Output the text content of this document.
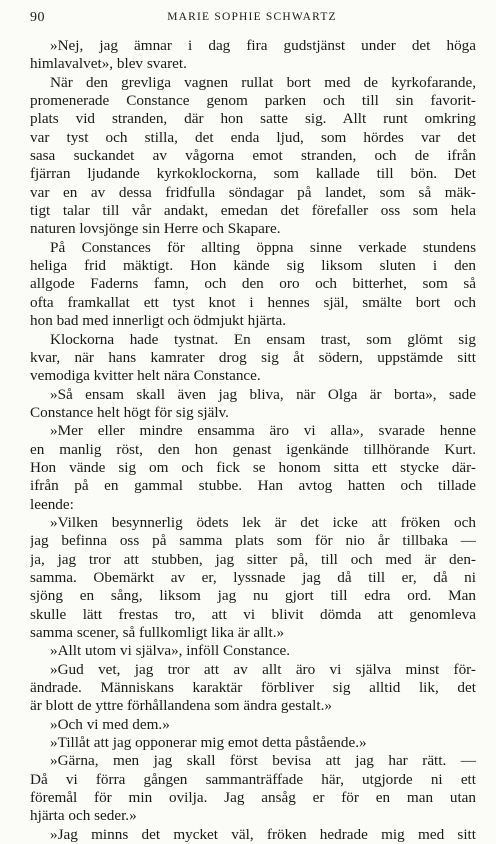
90	MARIE SOPHIE SCHWARTZ
»Nej, jag ämnar i dag fira gudstjänst under det höga
himlavalvet», blev svaret.
När den grevliga vagnen rullat bort med de kyrkofarande,
promenerade Constance genom parken och till sin favorit-
plats vid stranden, där hon satte sig. Allt runt omkring
var tyst och stilla, det enda ljud, som hördes var det
sasa suckandet av vågorna emot stranden, och de ifrån
fjärran ljudande kyrkoklockorna, som kallade till bön. Det
var en av dessa fridfulla söndagar på landet, som så mäk-
tigt talar till vår andakt, emedan det förefaller oss som hela
naturen lovsjönge sin Herre och Skapare.
På Constances för allting öppna sinne verkade stundens
heliga frid mäktigt. Hon kände sig liksom sluten i den
allgode Faderns famn, och den oro och bitterhet, som så
ofta framkallat ett tyst knot i hennes själ, smälte bort och
hon bad med innerligt och ödmjukt hjärta.
Klockorna hade tystnat. En ensam trast, som glömt sig
kvar, när hans kamrater drog sig åt södern, uppstämde sitt
vemodiga kvitter helt nära Constance.
»Så ensam skall även jag bliva, när Olga är borta», sade
Constance helt högt för sig själv.
»Mer eller mindre ensamma äro vi alla», svarade henne
en manlig röst, den hon genast igenkände tillhörande Kurt.
Hon vände sig om och fick se honom sitta ett stycke där-
ifrån på en gammal stubbe. Han avtog hatten och tillade
leende:
»Vilken besynnerlig ödets lek är det icke att fröken och
jag befinna oss på samma plats som för nio år tillbaka —
ja, jag tror att stubben, jag sitter på, till och med är den-
samma. Obemärkt av er, lyssnade jag då till er, då ni
sjöng en sång, liksom jag nu gjort till edra ord. Man
skulle lätt frestas tro, att vi blivit dömda att genomleva
samma scener, så fullkomligt lika är allt.»
»Allt utom vi själva», inföll Constance.
»Gud vet, jag tror att av allt äro vi själva minst för-
ändrade. Människans karaktär förbliver sig alltid lik, det
är blott de yttre förhållandena som ändra gestalt.»
»Och vi med dem.»
»Tillåt att jag opponerar mig emot detta påstående.»
»Gärna, men jag skall först bevisa att jag har rätt. —
Då vi förra gången sammanträffade här, utgjorde ni ett
föremål för min ovilja. Jag ansåg er för en man utan
hjärta och seder.»
»Jag minns det mycket väl, fröken hedrade mig med sitt
